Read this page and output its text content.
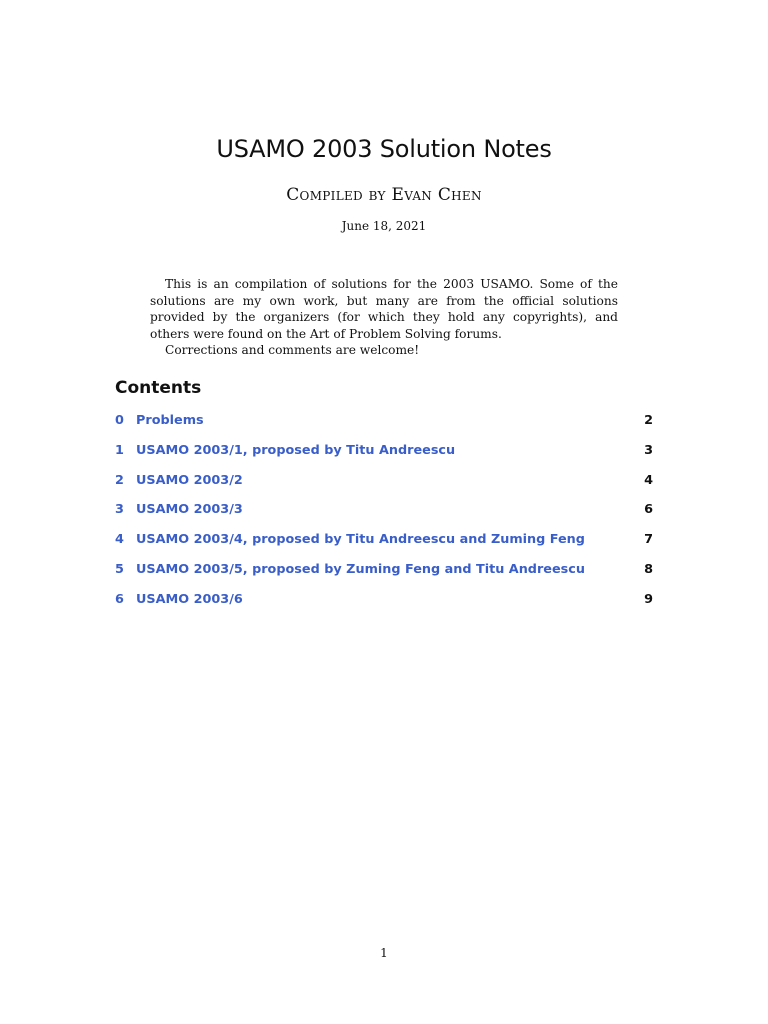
USAMO 2003 Solution Notes
Compiled by Evan Chen
June 18, 2021

This is an compilation of solutions for the 2003 USAMO. Some of the solutions are my own work, but many are from the official solutions provided by the organizers (for which they hold any copyrights), and others were found on the Art of Problem Solving forums.

Corrections and comments are welcome!

Contents
0 Problems	2
1 USAMO 2003/1, proposed by Titu Andreescu	3
2 USAMO 2003/2	4
3 USAMO 2003/3	6
4 USAMO 2003/4, proposed by Titu Andreescu and Zuming Feng	7
5 USAMO 2003/5, proposed by Zuming Feng and Titu Andreescu	8
6 USAMO 2003/6	9
1
